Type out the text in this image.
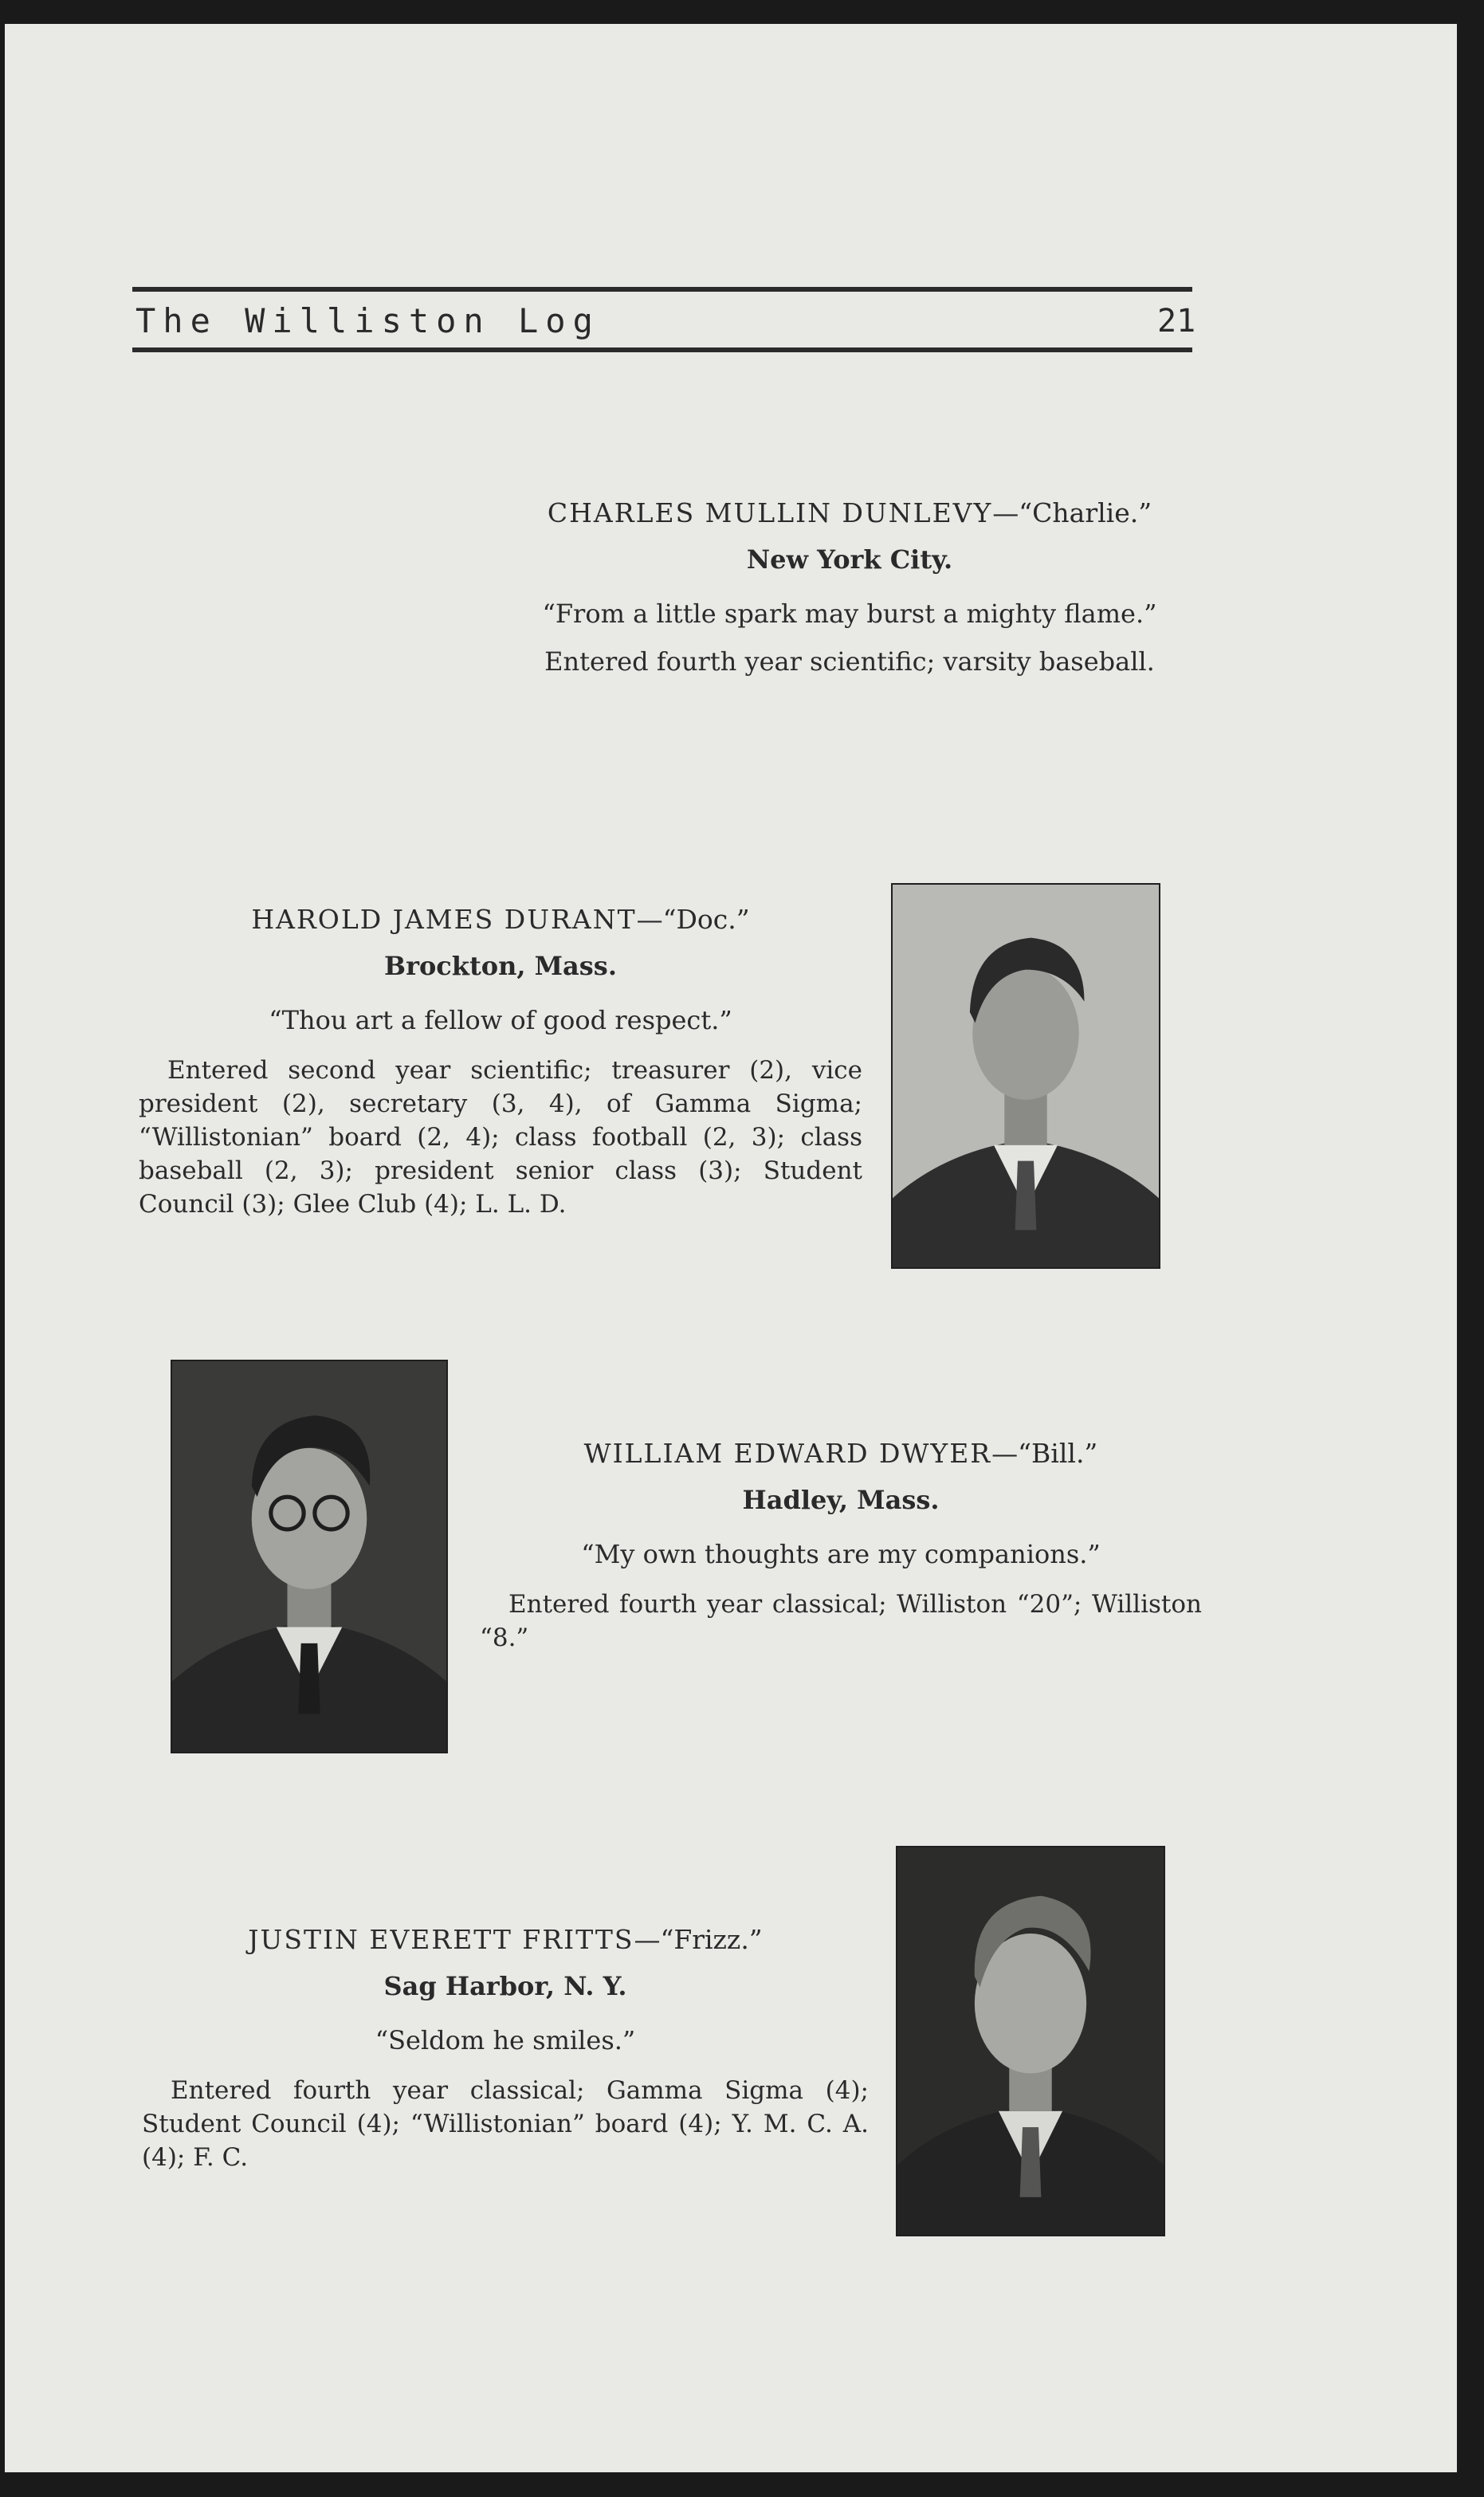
The Williston Log	21
CHARLES MULLIN DUNLEVY—“Charlie.”
New York City.
“From a little spark may burst a mighty flame.”
Entered fourth year scientific; varsity baseball.
HAROLD JAMES DURANT—“Doc.”
Brockton, Mass.
“Thou art a fellow of good respect.”
Entered second year scientific; treasurer (2), vice president (2), secretary (3, 4), of Gamma Sigma; “Willistonian” board (2, 4); class football (2, 3); class baseball (2, 3); president senior class (3); Student Council (3); Glee Club (4); L. L. D.
WILLIAM EDWARD DWYER—“Bill.”
Hadley, Mass.
“My own thoughts are my companions.”
Entered fourth year classical; Williston “20”; Williston “8.”
JUSTIN EVERETT FRITTS—“Frizz.”
Sag Harbor, N. Y.
“Seldom he smiles.”
Entered fourth year classical; Gamma Sigma (4); Student Council (4); “Willistonian” board (4); Y. M. C. A. (4); F. C.
